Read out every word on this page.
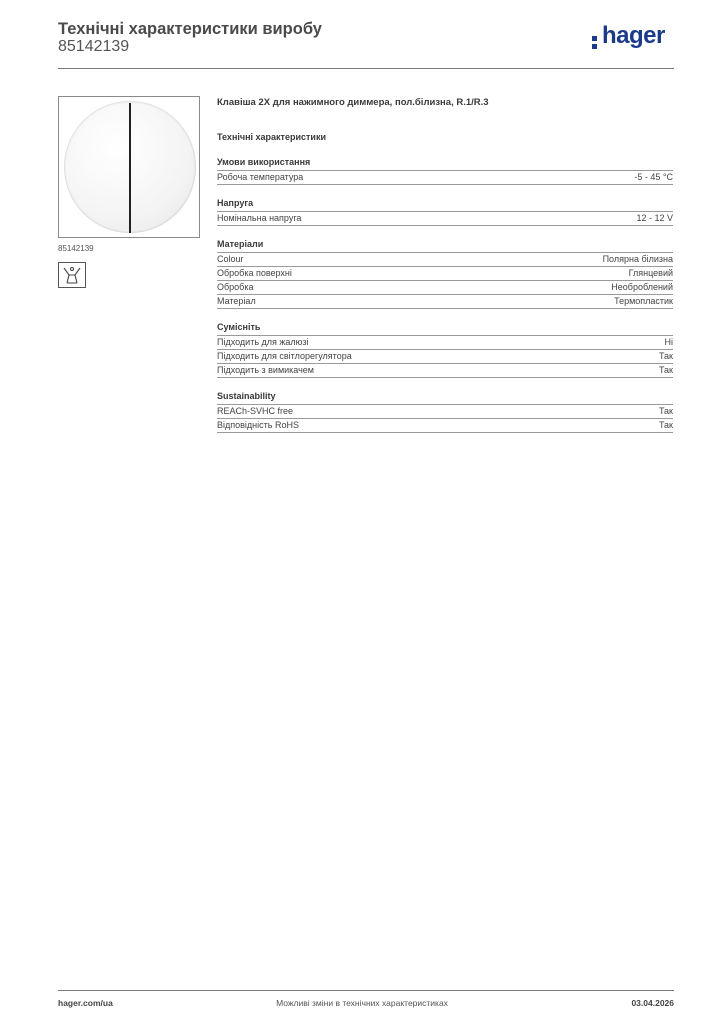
Технічні характеристики виробу
85142139	hager
85142139
Клавіша 2X для нажимного диммера, пол.білизна, R.1/R.3
Технічні характеристики
Умови використання
Робоча температура	-5 - 45 °C
Напруга
Номінальна напруга	12 - 12 V
Матеріали
Colour	Полярна білизна
Обробка поверхні	Глянцевий
Обробка	Необроблений
Матеріал	Термопластик
Сумісніть
Підходить для жалюзі	Ні
Підходить для світлорегулятора	Так
Підходить з вимикачем	Так
Sustainability
REACh-SVHC free	Так
Відповідність RoHS	Так
hager.com/ua	Можливі зміни в технічних характеристиках	03.04.2026
